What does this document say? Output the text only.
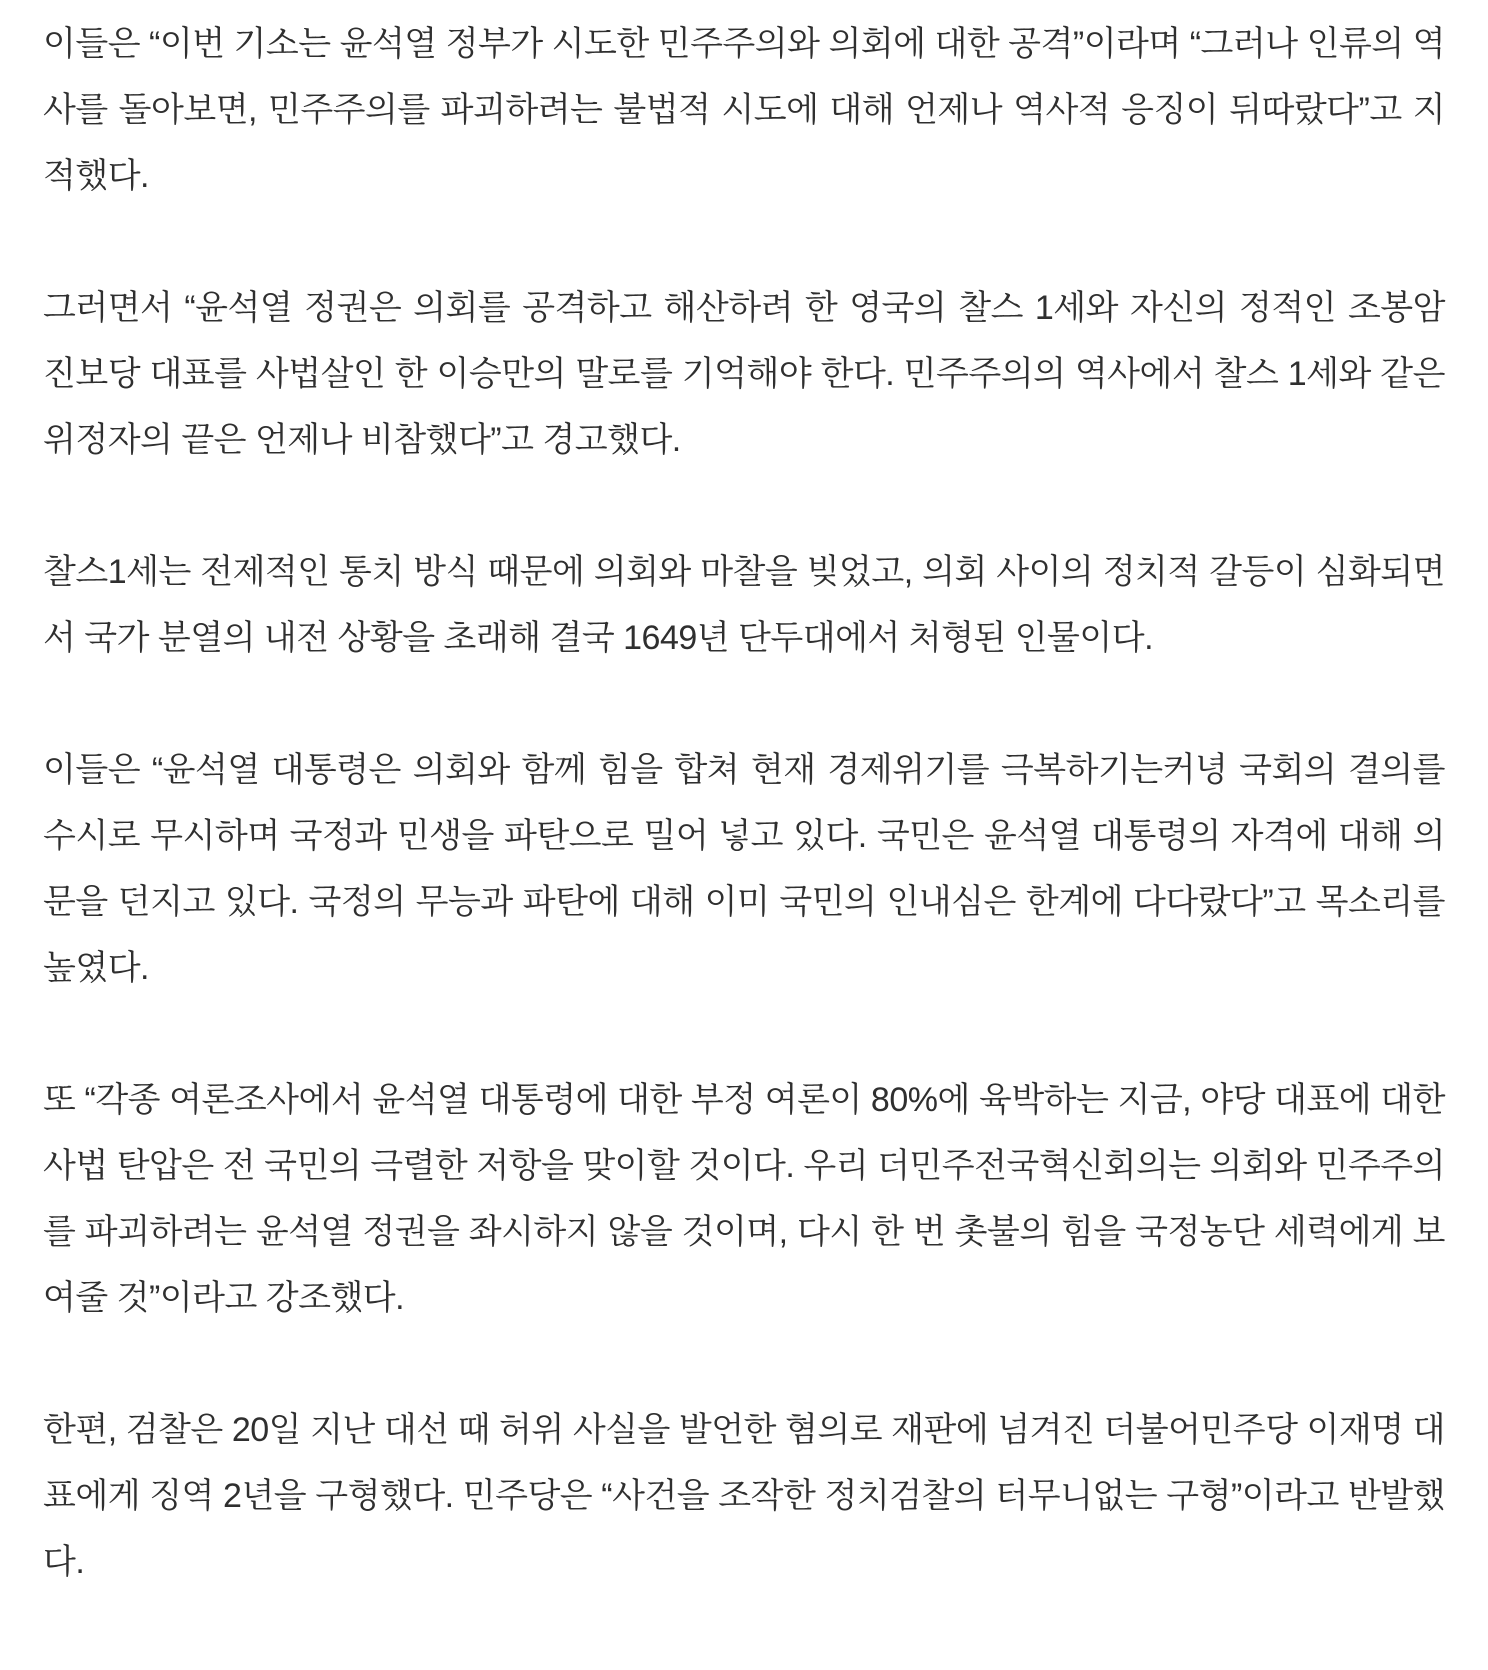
이들은 “이번 기소는 윤석열 정부가 시도한 민주주의와 의회에 대한 공격”이라며 “그러나 인류의 역사를 돌아보면, 민주주의를 파괴하려는 불법적 시도에 대해 언제나 역사적 응징이 뒤따랐다”고 지적했다.

그러면서 “윤석열 정권은 의회를 공격하고 해산하려 한 영국의 찰스 1세와 자신의 정적인 조봉암 진보당 대표를 사법살인 한 이승만의 말로를 기억해야 한다. 민주주의의 역사에서 찰스 1세와 같은 위정자의 끝은 언제나 비참했다”고 경고했다.

찰스1세는 전제적인 통치 방식 때문에 의회와 마찰을 빚었고, 의회 사이의 정치적 갈등이 심화되면서 국가 분열의 내전 상황을 초래해 결국 1649년 단두대에서 처형된 인물이다.

이들은 “윤석열 대통령은 의회와 함께 힘을 합쳐 현재 경제위기를 극복하기는커녕 국회의 결의를 수시로 무시하며 국정과 민생을 파탄으로 밀어 넣고 있다. 국민은 윤석열 대통령의 자격에 대해 의문을 던지고 있다. 국정의 무능과 파탄에 대해 이미 국민의 인내심은 한계에 다다랐다”고 목소리를 높였다.

또 “각종 여론조사에서 윤석열 대통령에 대한 부정 여론이 80%에 육박하는 지금, 야당 대표에 대한 사법 탄압은 전 국민의 극렬한 저항을 맞이할 것이다. 우리 더민주전국혁신회의는 의회와 민주주의를 파괴하려는 윤석열 정권을 좌시하지 않을 것이며, 다시 한 번 촛불의 힘을 국정농단 세력에게 보여줄 것”이라고 강조했다.

한편, 검찰은 20일 지난 대선 때 허위 사실을 발언한 혐의로 재판에 넘겨진 더불어민주당 이재명 대표에게 징역 2년을 구형했다. 민주당은 “사건을 조작한 정치검찰의 터무니없는 구형”이라고 반발했다.
